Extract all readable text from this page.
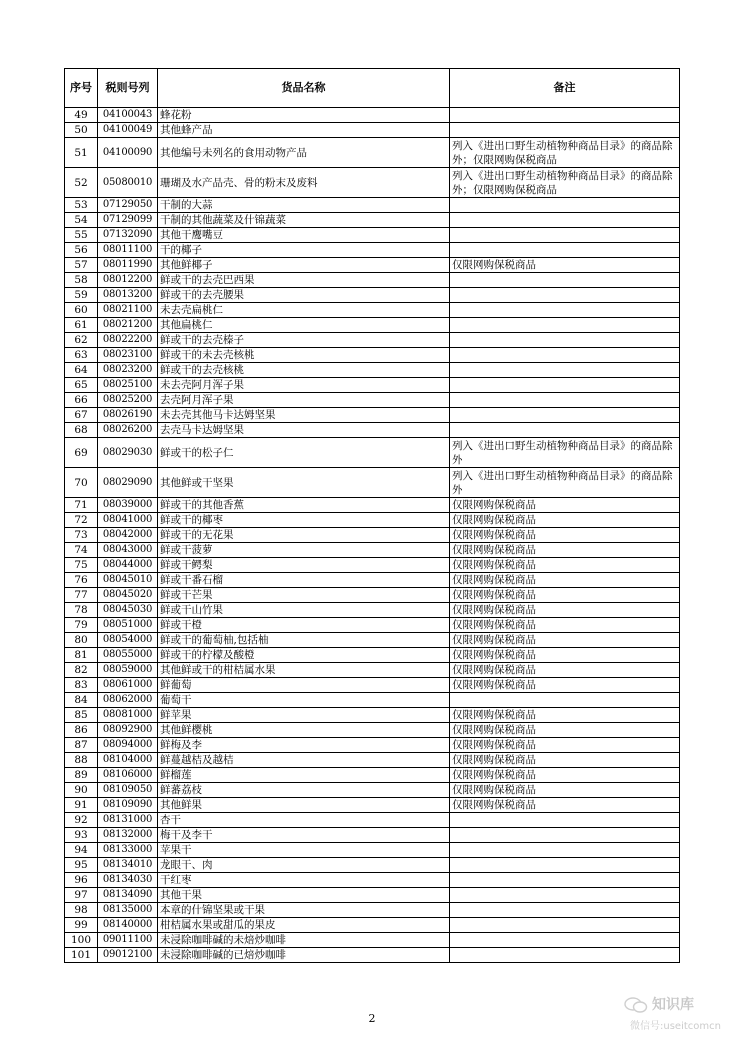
序号	税则号列	货品名称	备注
49	04100043	蜂花粉	
50	04100049	其他蜂产品	
51	04100090	其他编号未列名的食用动物产品	列入《进出口野生动植物种商品目录》的商品除外；仅限网购保税商品
52	05080010	珊瑚及水产品壳、骨的粉末及废料	列入《进出口野生动植物种商品目录》的商品除外；仅限网购保税商品
53	07129050	干制的大蒜	
54	07129099	干制的其他蔬菜及什锦蔬菜	
55	07132090	其他干鹰嘴豆	
56	08011100	干的椰子	
57	08011990	其他鲜椰子	仅限网购保税商品
58	08012200	鲜或干的去壳巴西果	
59	08013200	鲜或干的去壳腰果	
60	08021100	未去壳扁桃仁	
61	08021200	其他扁桃仁	
62	08022200	鲜或干的去壳榛子	
63	08023100	鲜或干的未去壳核桃	
64	08023200	鲜或干的去壳核桃	
65	08025100	未去壳阿月浑子果	
66	08025200	去壳阿月浑子果	
67	08026190	未去壳其他马卡达姆坚果	
68	08026200	去壳马卡达姆坚果	
69	08029030	鲜或干的松子仁	列入《进出口野生动植物种商品目录》的商品除外
70	08029090	其他鲜或干坚果	列入《进出口野生动植物种商品目录》的商品除外
71	08039000	鲜或干的其他香蕉	仅限网购保税商品
72	08041000	鲜或干的椰枣	仅限网购保税商品
73	08042000	鲜或干的无花果	仅限网购保税商品
74	08043000	鲜或干菠萝	仅限网购保税商品
75	08044000	鲜或干鳄梨	仅限网购保税商品
76	08045010	鲜或干番石榴	仅限网购保税商品
77	08045020	鲜或干芒果	仅限网购保税商品
78	08045030	鲜或干山竹果	仅限网购保税商品
79	08051000	鲜或干橙	仅限网购保税商品
80	08054000	鲜或干的葡萄柚,包括柚	仅限网购保税商品
81	08055000	鲜或干的柠檬及酸橙	仅限网购保税商品
82	08059000	其他鲜或干的柑桔属水果	仅限网购保税商品
83	08061000	鲜葡萄	仅限网购保税商品
84	08062000	葡萄干	
85	08081000	鲜苹果	仅限网购保税商品
86	08092900	其他鲜樱桃	仅限网购保税商品
87	08094000	鲜梅及李	仅限网购保税商品
88	08104000	鲜蔓越桔及越桔	仅限网购保税商品
89	08106000	鲜榴莲	仅限网购保税商品
90	08109050	鲜蕃荔枝	仅限网购保税商品
91	08109090	其他鲜果	仅限网购保税商品
92	08131000	杏干	
93	08132000	梅干及李干	
94	08133000	苹果干	
95	08134010	龙眼干、肉	
96	08134030	干红枣	
97	08134090	其他干果	
98	08135000	本章的什锦坚果或干果	
99	08140000	柑桔属水果或甜瓜的果皮	
100	09011100	未浸除咖啡碱的未焙炒咖啡	
101	09012100	未浸除咖啡碱的已焙炒咖啡	
2
知识库
微信号:useitcomcn
